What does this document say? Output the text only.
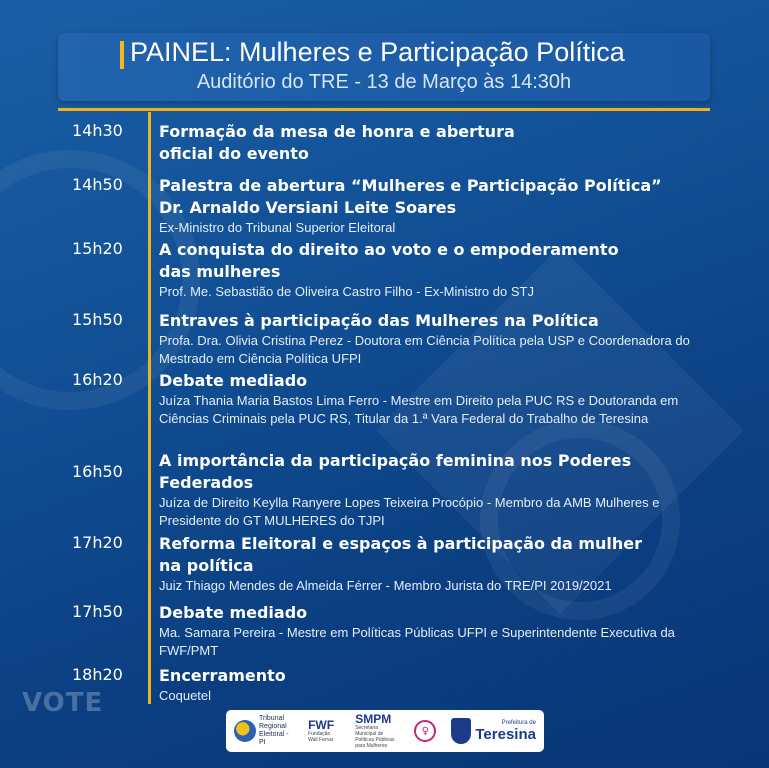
VOTE
PAINEL: Mulheres e Participação Política
Auditório do TRE - 13 de Março às 14:30h
14h30 Formação da mesa de honra e abertura
oficial do evento
14h50 Palestra de abertura “Mulheres e Participação Política”
Dr. Arnaldo Versiani Leite Soares
Ex-Ministro do Tribunal Superior Eleitoral
15h20 A conquista do direito ao voto e o empoderamento
das mulheres
Prof. Me. Sebastião de Oliveira Castro Filho - Ex-Ministro do STJ
15h50 Entraves à participação das Mulheres na Política
Profa. Dra. Olivia Cristina Perez - Doutora em Ciência Política pela USP e Coordenadora do Mestrado em Ciência Política UFPI
16h20 Debate mediado
Juíza Thania Maria Bastos Lima Ferro - Mestre em Direito pela PUC RS e Doutoranda em Ciências Criminais pela PUC RS, Titular da 1.ª Vara Federal do Trabalho de Teresina
16h50
A importância da participação feminina nos Poderes
Federados
Juíza de Direito Keylla Ranyere Lopes Teixeira Procópio - Membro da AMB Mulheres e Presidente do GT MULHERES do TJPI
17h20 Reforma Eleitoral e espaços à participação da mulher
na política
Juiz Thiago Mendes de Almeida Férrer - Membro Jurista do TRE/PI 2019/2021
17h50 Debate mediado
Ma. Samara Pereira - Mestre em Políticas Públicas UFPI e Superintendente Executiva da FWF/PMT
18h20 Encerramento
Coquetel
Tribunal Regional Eleitoral - PI
FWF
Fundação Wall Ferraz
SMPM
Secretaria Municipal de Políticas Públicas para Mulheres
♀
Prefeitura de
Teresina
